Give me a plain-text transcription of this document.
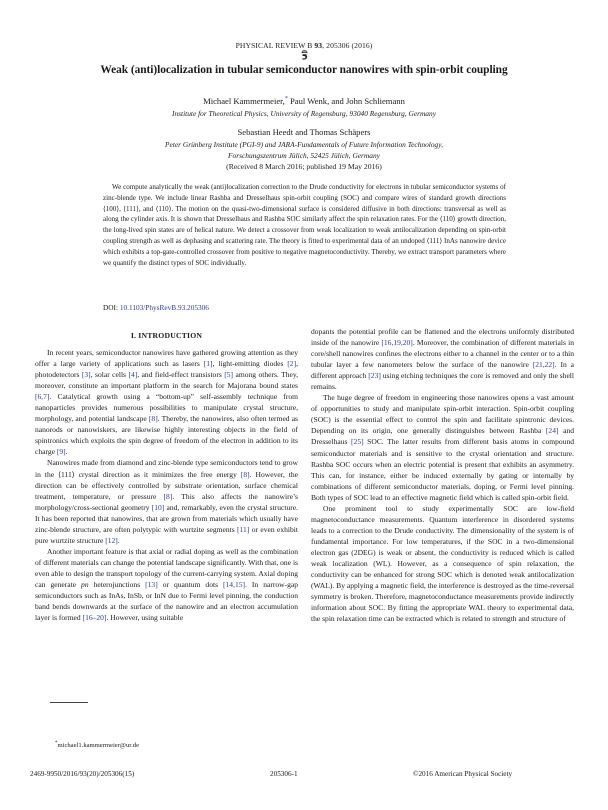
PHYSICAL REVIEW B 93, 205306 (2016)
Weak (anti)localization in tubular semiconductor nanowires with spin-orbit coupling
Michael Kammermeier,* Paul Wenk, and John Schliemann
Institute for Theoretical Physics, University of Regensburg, 93040 Regensburg, Germany
Sebastian Heedt and Thomas Schäpers
Peter Grünberg Institute (PGI-9) and JARA-Fundamentals of Future Information Technology,
Forschungszentrum Jülich, 52425 Jülich, Germany
(Received 8 March 2016; published 19 May 2016)
We compute analytically the weak (anti)localization correction to the Drude conductivity for electrons in tubular semiconductor systems of zinc-blende type. We include linear Rashba and Dresselhaus spin-orbit coupling (SOC) and compare wires of standard growth directions ⟨100⟩, ⟨111⟩, and ⟨110⟩. The motion on the quasi-two-dimensional surface is considered diffusive in both directions: transversal as well as along the cylinder axis. It is shown that Dresselhaus and Rashba SOC similarly affect the spin relaxation rates. For the ⟨110⟩ growth direction, the long-lived spin states are of helical nature. We detect a crossover from weak localization to weak antilocalization depending on spin-orbit coupling strength as well as dephasing and scattering rate. The theory is fitted to experimental data of an undoped ⟨111⟩ InAs nanowire device which exhibits a top-gate-controlled crossover from positive to negative magnetoconductivity. Thereby, we extract transport parameters where we quantify the distinct types of SOC individually.
DOI: 10.1103/PhysRevB.93.205306
I. INTRODUCTION

In recent years, semiconductor nanowires have gathered growing attention as they offer a large variety of applications such as lasers [1], light-emitting diodes [2], photodetectors [3], solar cells [4], and field-effect transistors [5] among others. They, moreover, constitute an important platform in the search for Majorana bound states [6,7]. Catalytical growth using a “bottom-up” self-assembly technique from nanoparticles provides numerous possibilities to manipulate crystal structure, morphology, and potential landscape [8]. Thereby, the nanowires, also often termed as nanorods or nanowiskers, are likewise highly interesting objects in the field of spintronics which exploits the spin degree of freedom of the electron in addition to its charge [9].

Nanowires made from diamond and zinc-blende type semiconductors tend to grow in the ⟨111⟩ crystal direction as it minimizes the free energy [8]. However, the direction can be effectively controlled by substrate orientation, surface chemical treatment, temperature, or pressure [8]. This also affects the nanowire’s morphology/cross-sectional geometry [10] and, remarkably, even the crystal structure. It has been reported that nanowires, that are grown from materials which usually have zinc-blende structure, are often polytypic with wurtzite segments [11] or even exhibit pure wurtzite structure [12].

Another important feature is that axial or radial doping as well as the combination of different materials can change the potential landscape significantly. With that, one is even able to design the transport topology of the current-carrying system. Axial doping can generate pn heterojunctions [13] or quantum dots [14,15]. In narrow-gap semiconductors such as InAs, InSb, or InN due to Fermi level pinning, the conduction band bends downwards at the surface of the nanowire and an electron accumulation layer is formed [16–20]. However, using suitable

dopants the potential profile can be flattened and the electrons uniformly distributed inside of the nanowire [16,19,20]. Moreover, the combination of different materials in core/shell nanowires confines the electrons either to a channel in the center or to a thin tubular layer a few nanometers below the surface of the nanowire [21,22]. In a different approach [23] using etching techniques the core is removed and only the shell remains.

The huge degree of freedom in engineering those nanowires opens a vast amount of opportunities to study and manipulate spin-orbit interaction. Spin-orbit coupling (SOC) is the essential effect to control the spin and facilitate spintronic devices. Depending on its origin, one generally distinguishes between Rashba [24] and Dresselhaus [25] SOC. The latter results from different basis atoms in compound semiconductor materials and is sensitive to the crystal orientation and structure. Rashba SOC occurs when an electric potential is present that exhibits an asymmetry. This can, for instance, either be induced externally by gating or internally by combinations of different semiconductor materials, doping, or Fermi level pinning. Both types of SOC lead to an effective magnetic field which is called spin-orbit field.

One prominent tool to study experimentally SOC are low-field magnetoconductance measurements. Quantum interference in disordered systems leads to a correction to the Drude conductivity. The dimensionality of the system is of fundamental importance. For low temperatures, if the SOC in a two-dimensional electron gas (2DEG) is weak or absent, the conductivity is reduced which is called weak localization (WL). However, as a consequence of spin relaxation, the conductivity can be enhanced for strong SOC which is denoted weak antilocalization (WAL). By applying a magnetic field, the interference is destroyed as the time-reversal symmetry is broken. Therefore, magnetoconductance measurements provide indirectly information about SOC. By fitting the appropriate WAL theory to experimental data, the spin relaxation time can be extracted which is related to strength and structure of

*michael1.kammermeier@ur.de
2469-9950/2016/93(20)/205306(15)	205306-1	©2016 American Physical Society
